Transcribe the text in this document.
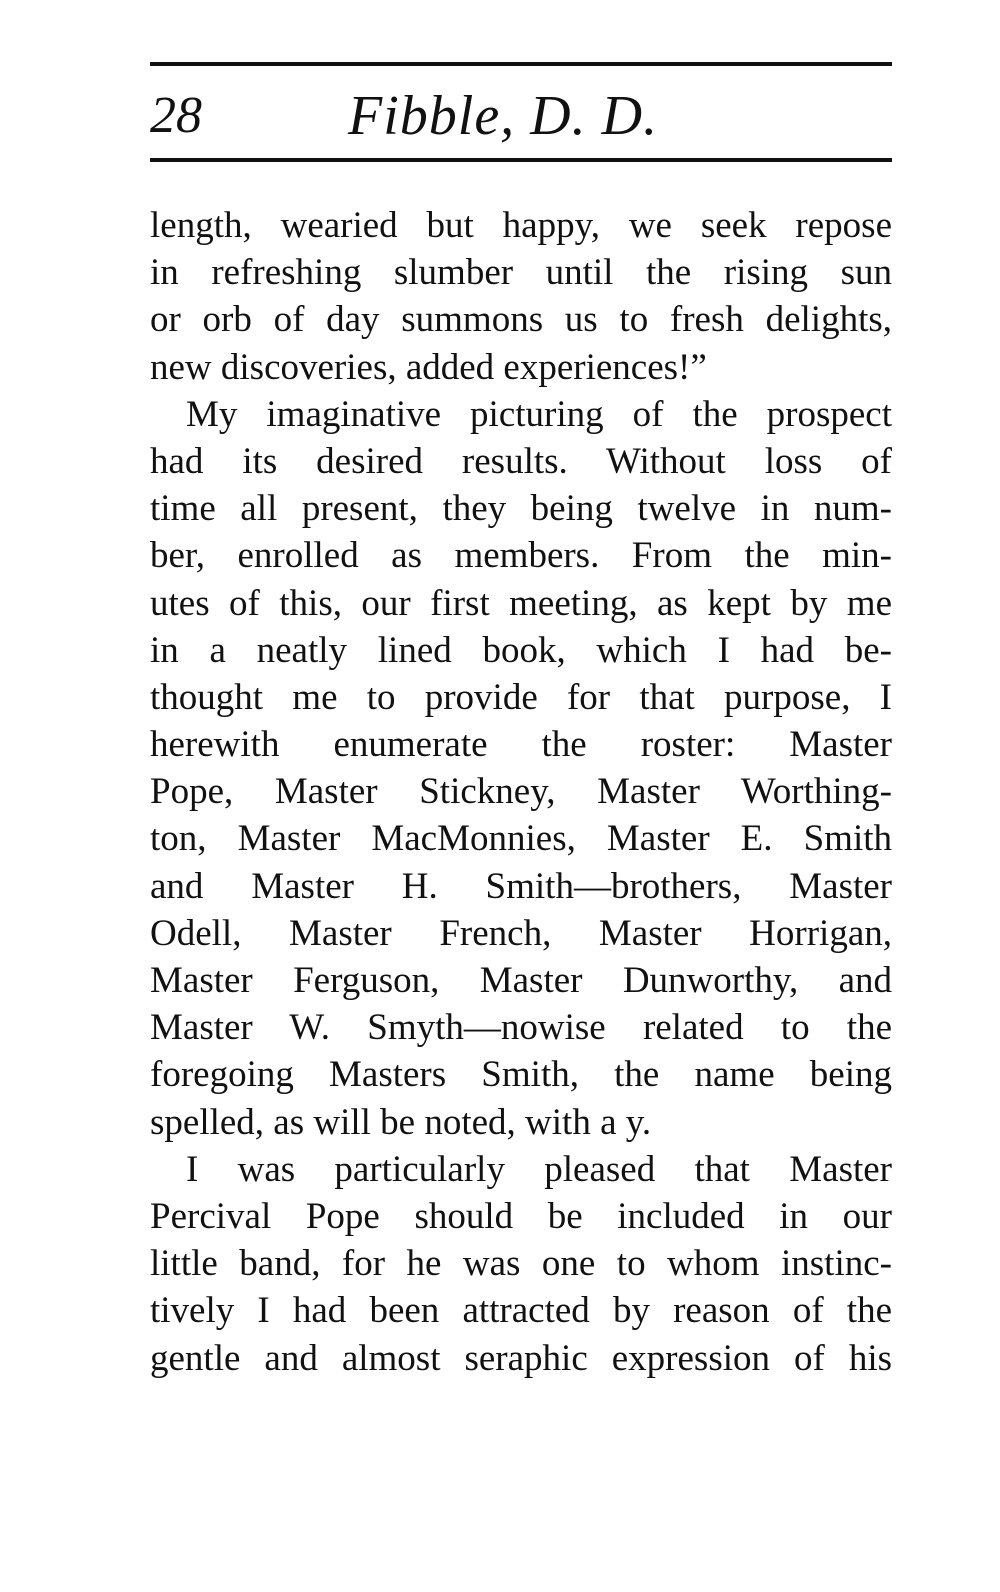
28	Fibble, D. D.
length, wearied but happy, we seek repose
in refreshing slumber until the rising sun
or orb of day summons us to fresh delights,
new discoveries, added experiences!”
My imaginative picturing of the prospect
had its desired results. Without loss of
time all present, they being twelve in num-
ber, enrolled as members. From the min-
utes of this, our first meeting, as kept by me
in a neatly lined book, which I had be-
thought me to provide for that purpose, I
herewith enumerate the roster: Master
Pope, Master Stickney, Master Worthing-
ton, Master MacMonnies, Master E. Smith
and Master H. Smith—brothers, Master
Odell, Master French, Master Horrigan,
Master Ferguson, Master Dunworthy, and
Master W. Smyth—nowise related to the
foregoing Masters Smith, the name being
spelled, as will be noted, with a y.
I was particularly pleased that Master
Percival Pope should be included in our
little band, for he was one to whom instinc-
tively I had been attracted by reason of the
gentle and almost seraphic expression of his
